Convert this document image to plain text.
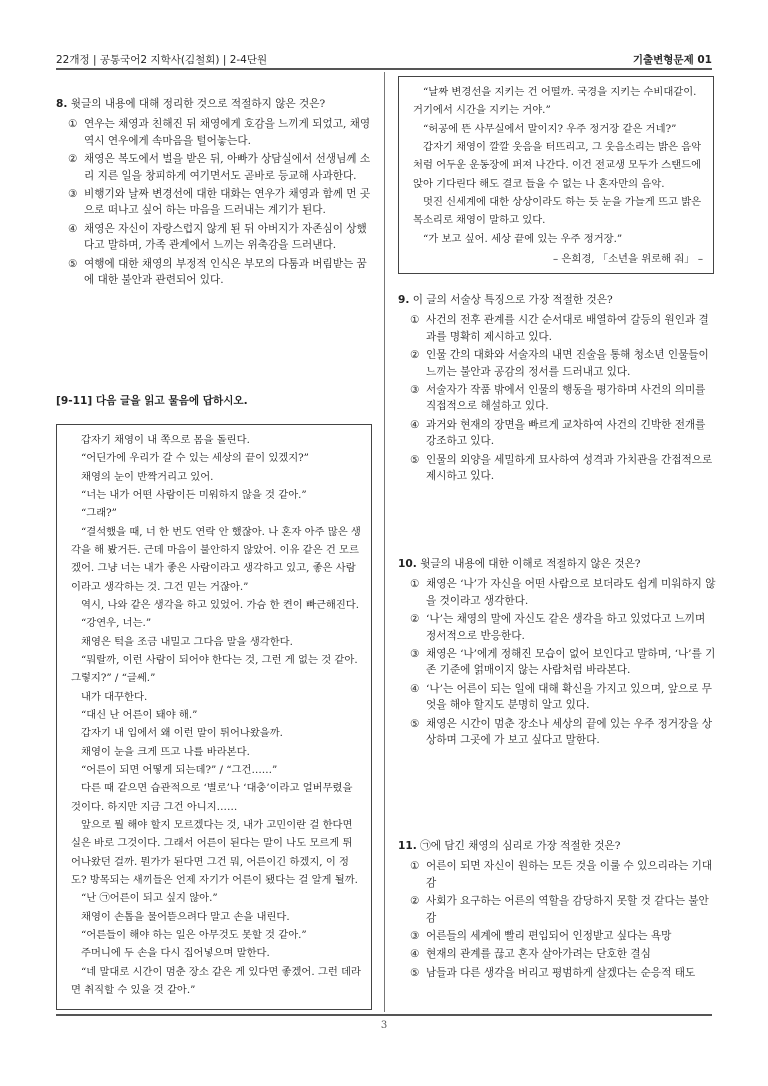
22개정 | 공통국어2 지학사(김철회) | 2-4단원	기출변형문제 01
8. 윗글의 내용에 대해 정리한 것으로 적절하지 않은 것은?
① 연우는 채영과 친해진 뒤 채영에게 호감을 느끼게 되었고, 채영 역시 연우에게 속마음을 털어놓는다.
② 채영은 복도에서 벌을 받은 뒤, 아빠가 상담실에서 선생님께 소리 지른 일을 창피하게 여기면서도 곧바로 등교해 사과한다.
③ 비행기와 날짜 변경선에 대한 대화는 연우가 채영과 함께 먼 곳으로 떠나고 싶어 하는 마음을 드러내는 계기가 된다.
④ 채영은 자신이 자랑스럽지 않게 된 뒤 아버지가 자존심이 상했다고 말하며, 가족 관계에서 느끼는 위축감을 드러낸다.
⑤ 여행에 대한 채영의 부정적 인식은 부모의 다툼과 버림받는 꿈에 대한 불안과 관련되어 있다.
[9-11] 다음 글을 읽고 물음에 답하시오.

갑자기 채영이 내 쪽으로 몸을 돌린다.

“어딘가에 우리가 갈 수 있는 세상의 끝이 있겠지?”

채영의 눈이 반짝거리고 있어.

“너는 내가 어떤 사람이든 미워하지 않을 것 같아.”

“그래?”

“결석했을 때, 너 한 번도 연락 안 했잖아. 나 혼자 아주 많은 생각을 해 봤거든. 근데 마음이 불안하지 않았어. 이유 같은 건 모르겠어. 그냥 너는 내가 좋은 사람이라고 생각하고 있고, 좋은 사람이라고 생각하는 것. 그건 믿는 거잖아.”

역시, 나와 같은 생각을 하고 있었어. 가슴 한 켠이 빠근해진다.

“강연우, 너는.”

채영은 턱을 조금 내밀고 그다음 말을 생각한다.

“뭐랄까, 이런 사람이 되어야 한다는 것, 그런 게 없는 것 같아. 그렇지?” / “글쎄.”

내가 대꾸한다.

“대신 난 어른이 돼야 해.”

갑자기 내 입에서 왜 이런 말이 튀어나왔을까.

채영이 눈을 크게 뜨고 나를 바라본다.

“어른이 되면 어떻게 되는데?” / “그건……”

다른 때 같으면 습관적으로 ‘별로’나 ‘대충’이라고 얼버무렸을 것이다. 하지만 지금 그건 아니지……

앞으로 뭘 해야 할지 모르겠다는 것, 내가 고민이란 걸 한다면 실은 바로 그것이다. 그래서 어른이 된다는 말이 나도 모르게 튀어나왔던 걸까. 뭔가가 된다면 그건 뭐, 어른이긴 하겠지, 이 정도? 방목되는 새끼들은 언제 자기가 어른이 됐다는 걸 알게 될까.

“난 ㉠어른이 되고 싶지 않아.”

채영이 손톱을 물어뜯으려다 말고 손을 내린다.

“어른들이 해야 하는 일은 아무것도 못할 것 같아.”

주머니에 두 손을 다시 집어넣으며 말한다.

“네 말대로 시간이 멈춘 장소 같은 게 있다면 좋겠어. 그런 데라면 취직할 수 있을 것 같아.”

“날짜 변경선을 지키는 건 어떨까. 국경을 지키는 수비대같이. 거기에서 시간을 지키는 거야.”

“허공에 뜬 사무실에서 말이지? 우주 정거장 같은 거네?”

갑자기 채영이 깔깔 웃음을 터뜨리고, 그 웃음소리는 밝은 음악처럼 어두운 운동장에 퍼져 나간다. 이건 전교생 모두가 스탠드에 앉아 기다린다 해도 결코 들을 수 없는 나 혼자만의 음악.

멋진 신세계에 대한 상상이라도 하는 듯 눈을 가늘게 뜨고 밝은 목소리로 채영이 말하고 있다.

“가 보고 싶어. 세상 끝에 있는 우주 정거장.”

– 은희경, 「소년을 위로해 줘」 –
9. 이 글의 서술상 특징으로 가장 적절한 것은?
① 사건의 전후 관계를 시간 순서대로 배열하여 갈등의 원인과 결과를 명확히 제시하고 있다.
② 인물 간의 대화와 서술자의 내면 진술을 통해 청소년 인물들이 느끼는 불안과 공감의 정서를 드러내고 있다.
③ 서술자가 작품 밖에서 인물의 행동을 평가하며 사건의 의미를 직접적으로 해설하고 있다.
④ 과거와 현재의 장면을 빠르게 교차하여 사건의 긴박한 전개를 강조하고 있다.
⑤ 인물의 외양을 세밀하게 묘사하여 성격과 가치관을 간접적으로 제시하고 있다.
10. 윗글의 내용에 대한 이해로 적절하지 않은 것은?
① 채영은 ‘나’가 자신을 어떤 사람으로 보더라도 쉽게 미워하지 않을 것이라고 생각한다.
② ‘나’는 채영의 말에 자신도 같은 생각을 하고 있었다고 느끼며 정서적으로 반응한다.
③ 채영은 ‘나’에게 정해진 모습이 없어 보인다고 말하며, ‘나’를 기존 기준에 얽매이지 않는 사람처럼 바라본다.
④ ‘나’는 어른이 되는 일에 대해 확신을 가지고 있으며, 앞으로 무엇을 해야 할지도 분명히 알고 있다.
⑤ 채영은 시간이 멈춘 장소나 세상의 끝에 있는 우주 정거장을 상상하며 그곳에 가 보고 싶다고 말한다.
11. ㉠에 담긴 채영의 심리로 가장 적절한 것은?
① 어른이 되면 자신이 원하는 모든 것을 이룰 수 있으리라는 기대감
② 사회가 요구하는 어른의 역할을 감당하지 못할 것 같다는 불안감
③ 어른들의 세계에 빨리 편입되어 인정받고 싶다는 욕망
④ 현재의 관계를 끊고 혼자 살아가려는 단호한 결심
⑤ 남들과 다른 생각을 버리고 평범하게 살겠다는 순응적 태도
3
